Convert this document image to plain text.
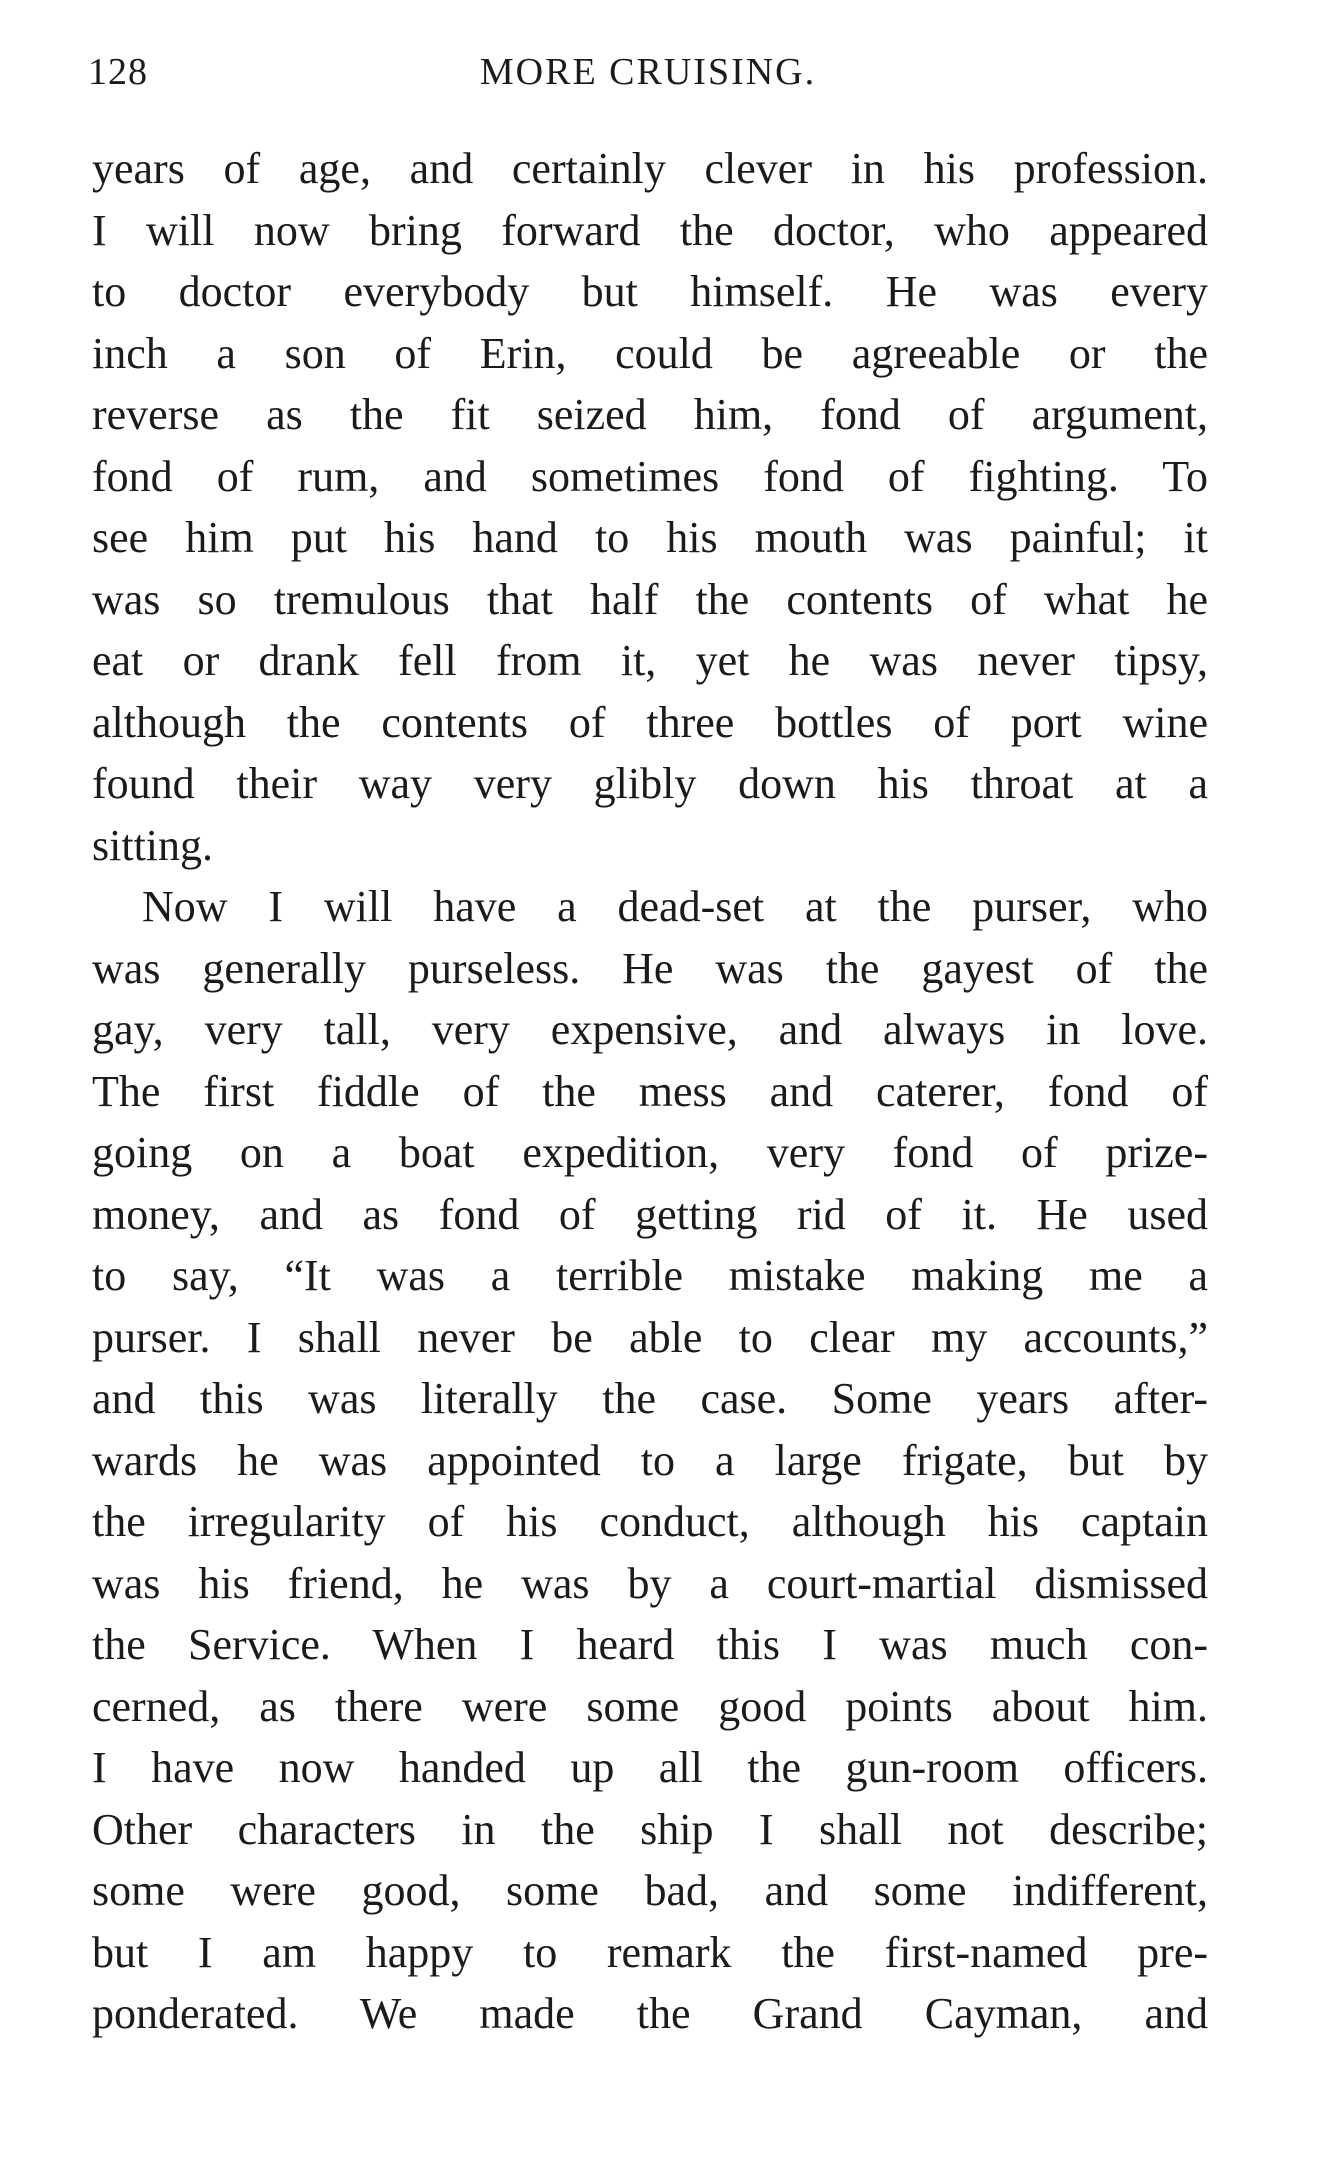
128	MORE CRUISING.
years of age, and certainly clever in his profession.
I will now bring forward the doctor, who appeared
to doctor everybody but himself. He was every
inch a son of Erin, could be agreeable or the
reverse as the fit seized him, fond of argument,
fond of rum, and sometimes fond of fighting. To
see him put his hand to his mouth was painful; it
was so tremulous that half the contents of what he
eat or drank fell from it, yet he was never tipsy,
although the contents of three bottles of port wine
found their way very glibly down his throat at a
sitting.
Now I will have a dead-set at the purser, who
was generally purseless. He was the gayest of the
gay, very tall, very expensive, and always in love.
The first fiddle of the mess and caterer, fond of
going on a boat expedition, very fond of prize-
money, and as fond of getting rid of it. He used
to say, “It was a terrible mistake making me a
purser. I shall never be able to clear my accounts,”
and this was literally the case. Some years after-
wards he was appointed to a large frigate, but by
the irregularity of his conduct, although his captain
was his friend, he was by a court-martial dismissed
the Service. When I heard this I was much con-
cerned, as there were some good points about him.
I have now handed up all the gun-room officers.
Other characters in the ship I shall not describe;
some were good, some bad, and some indifferent,
but I am happy to remark the first-named pre-
ponderated. We made the Grand Cayman, and
